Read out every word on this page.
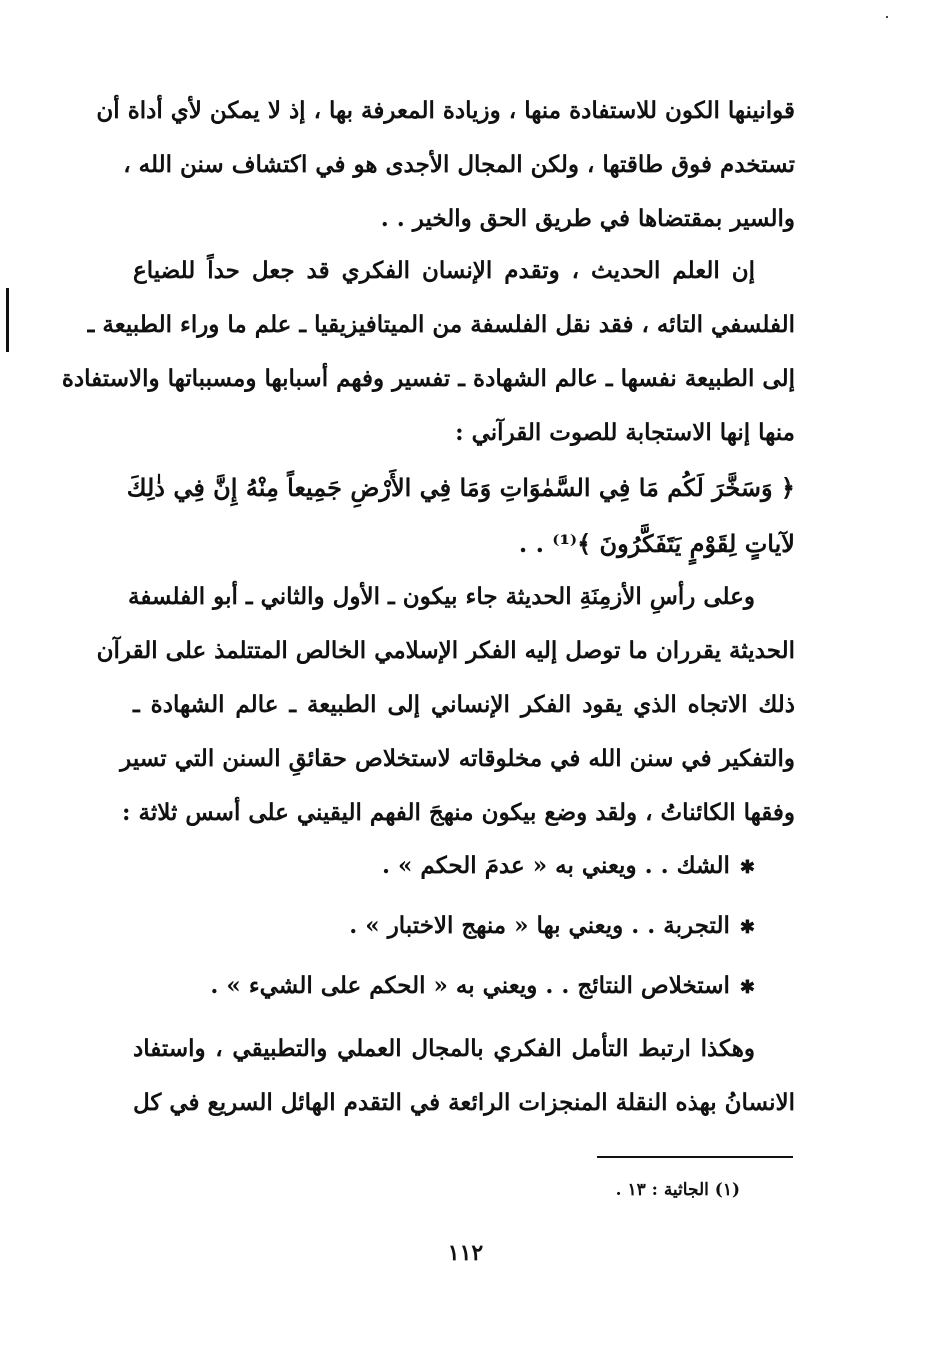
قوانينها الكون للاستفادة منها ، وزيادة المعرفة بها ، إذ لا يمكن لأي أداة أن
تستخدم فوق طاقتها ، ولكن المجال الأجدى هو في اكتشاف سنن الله ،
والسير بمقتضاها في طريق الحق والخير . .
إن العلم الحديث ، وتقدم الإنسان الفكري قد جعل حداً للضياع
الفلسفي التائه ، فقد نقل الفلسفة من الميتافيزيقيا ـ علم ما وراء الطبيعة ـ
إلى الطبيعة نفسها ـ عالم الشهادة ـ تفسير وفهم أسبابها ومسبباتها والاستفادة
منها إنها الاستجابة للصوت القرآني :
﴿ وَسَخَّرَ لَكُم مَا فِي السَّمٰوَاتِ وَمَا فِي الأَرْضِ جَمِيعاً مِنْهُ إِنَّ فِي ذٰلِكَ
لآياتٍ لِقَوْمٍ يَتَفَكَّرُونَ ﴾⁽¹⁾ . .
وعلى رأسِ الأزمِنَةِ الحديثة جاء بيكون ـ الأول والثاني ـ أبو الفلسفة
الحديثة يقرران ما توصل إليه الفكر الإسلامي الخالص المتتلمذ على القرآن
ذلك الاتجاه الذي يقود الفكر الإنساني إلى الطبيعة ـ عالم الشهادة ـ
والتفكير في سنن الله في مخلوقاته لاستخلاص حقائقِ السنن التي تسير
وفقها الكائناتُ ، ولقد وضع بيكون منهجَ الفهم اليقيني على أسس ثلاثة :
✱الشك . . ويعني به « عدمَ الحكم » .
✱التجربة . . ويعني بها « منهج الاختبار » .
✱استخلاص النتائج . . ويعني به « الحكم على الشيء » .
وهكذا ارتبط التأمل الفكري بالمجال العملي والتطبيقي ، واستفاد
الانسانُ بهذه النقلة المنجزات الرائعة في التقدم الهائل السريع في كل
(١) الجاثية : ١٣ .
١١٢
